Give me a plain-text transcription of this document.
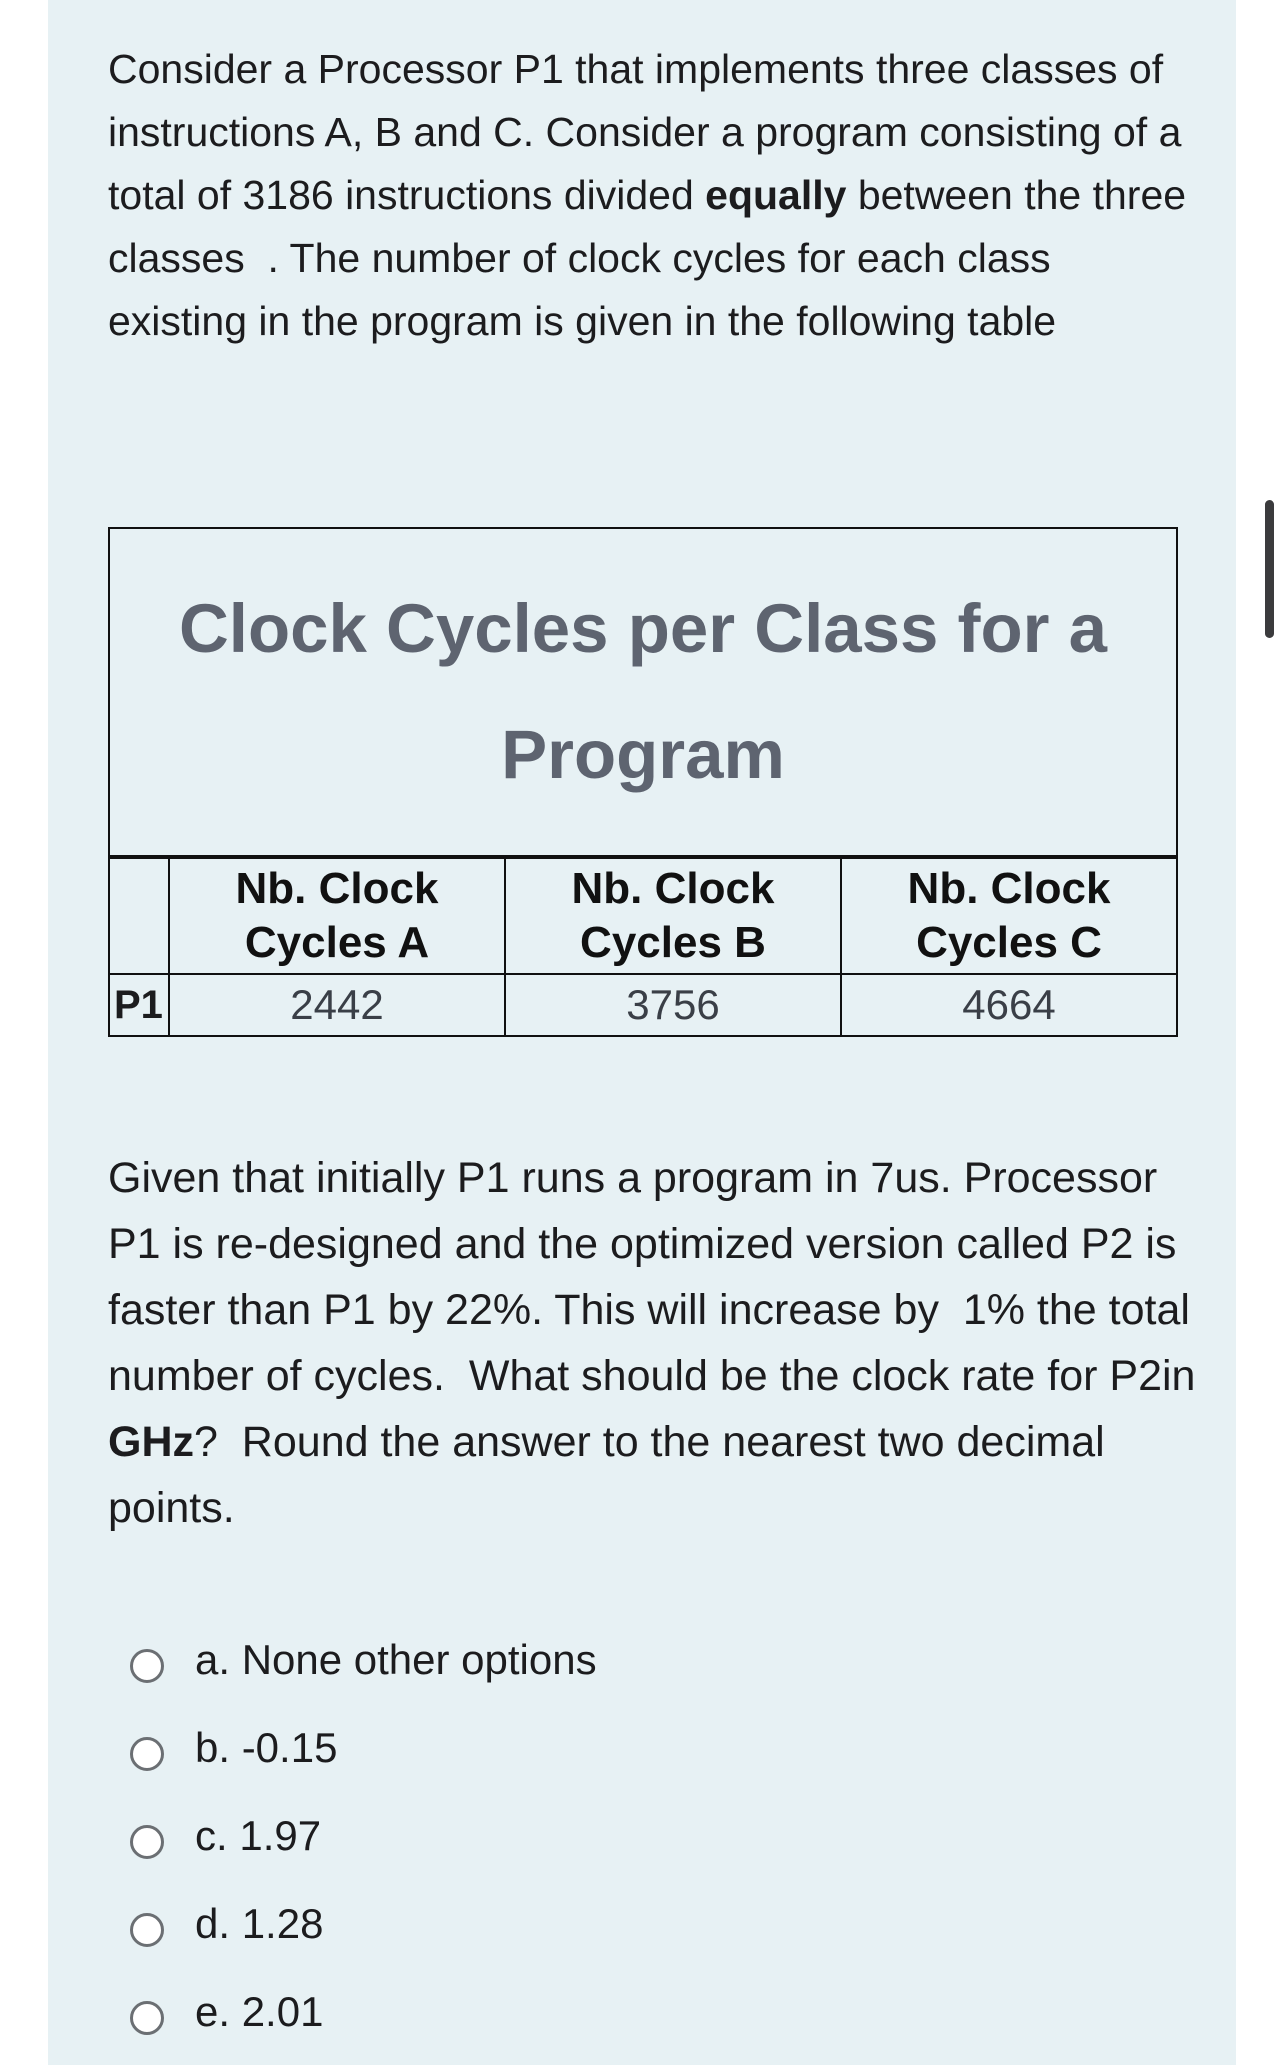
Consider a Processor P1 that implements three classes of instructions A, B and C. Consider a program consisting of a total of 3186 instructions divided equally between the three classes  . The number of clock cycles for each class existing in the program is given in the following table

Clock Cycles per Class for a Program			
	Nb. Clock Cycles A	Nb. Clock Cycles B	Nb. Clock Cycles C
P1	2442	3756	4664

Given that initially P1 runs a program in 7us. Processor P1 is re-designed and the optimized version called P2 is faster than P1 by 22%. This will increase by  1% the total number of cycles.  What should be the clock rate for P2in GHz?  Round the answer to the nearest two decimal points.

a. None other options
b. -0.15
c. 1.97
d. 1.28
e. 2.01
